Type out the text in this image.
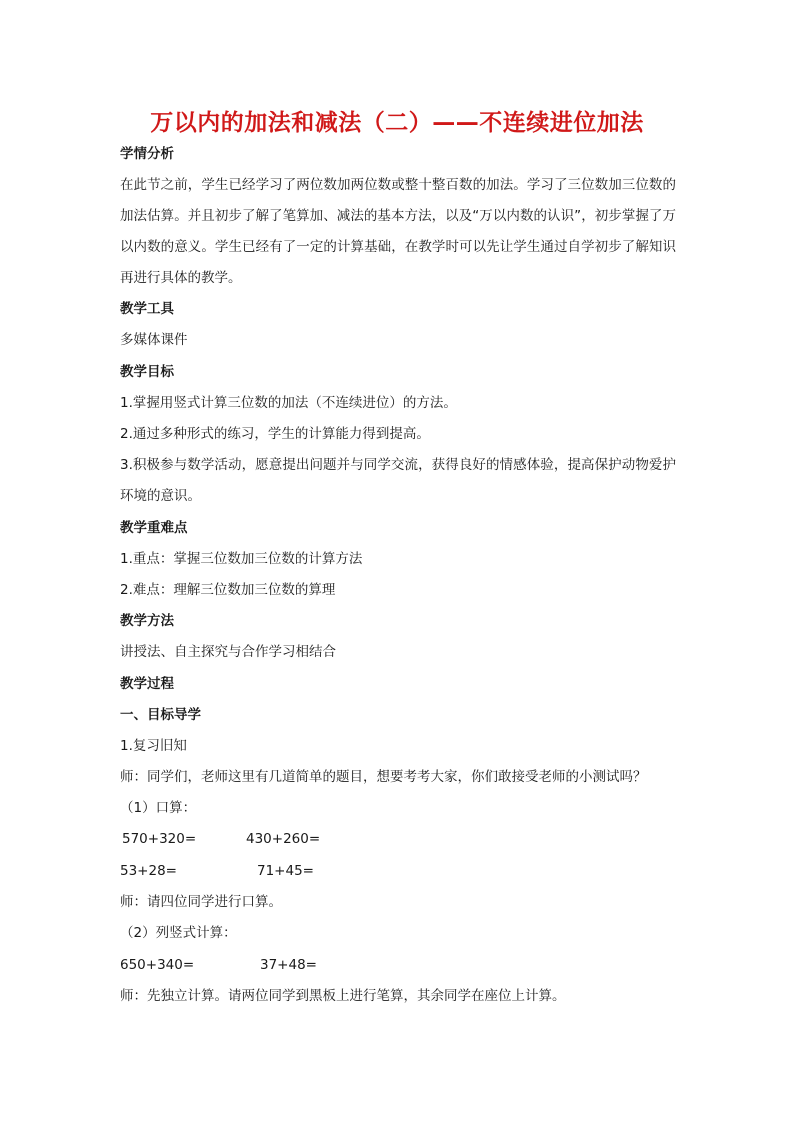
万以内的加法和减法（二）——不连续进位加法
学情分析
在此节之前，学生已经学习了两位数加两位数或整十整百数的加法。学习了三位数加三位数的加法估算。并且初步了解了笔算加、减法的基本方法，以及“万以内数的认识”，初步掌握了万以内数的意义。学生已经有了一定的计算基础，在教学时可以先让学生通过自学初步了解知识再进行具体的教学。
教学工具
多媒体课件
教学目标
1.掌握用竖式计算三位数的加法（不连续进位）的方法。
2.通过多种形式的练习，学生的计算能力得到提高。
3.积极参与数学活动，愿意提出问题并与同学交流，获得良好的情感体验，提高保护动物爱护环境的意识。
教学重难点
1.重点：掌握三位数加三位数的计算方法
2.难点：理解三位数加三位数的算理
教学方法
讲授法、自主探究与合作学习相结合
教学过程
一、目标导学
1.复习旧知
师：同学们，老师这里有几道简单的题目，想要考考大家，你们敢接受老师的小测试吗？
（1）口算：
570+320=	430+260=
53+28=	71+45=
师：请四位同学进行口算。
（2）列竖式计算：
650+340=	37+48=
师：先独立计算。请两位同学到黑板上进行笔算，其余同学在座位上计算。
